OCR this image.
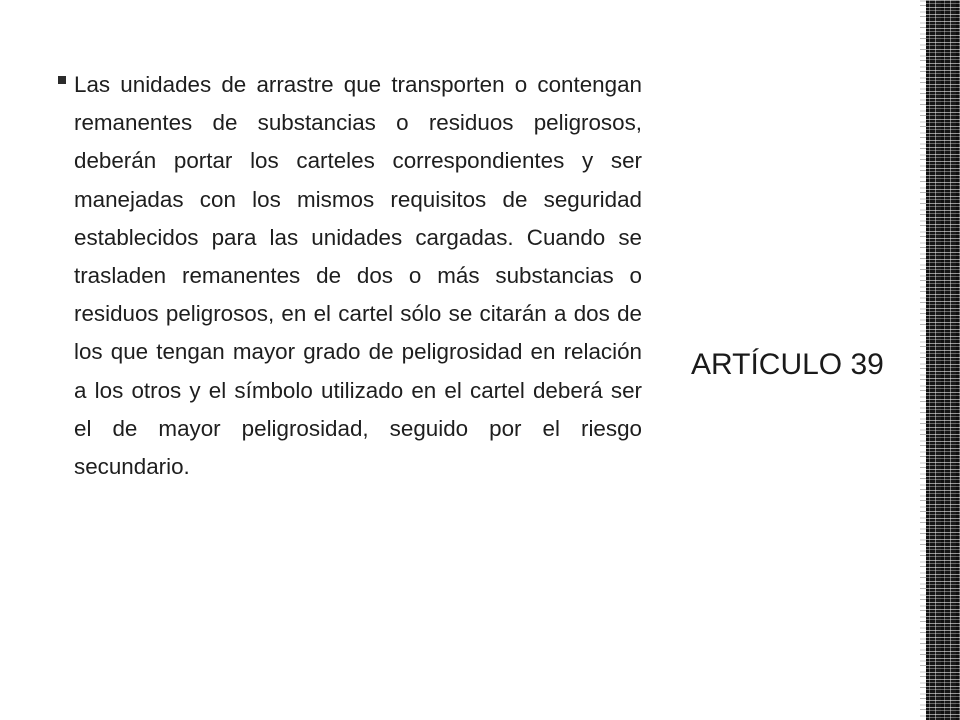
Las unidades de arrastre que transporten o contengan remanentes de substancias o residuos peligrosos, deberán portar los carteles correspondientes y ser manejadas con los mismos requisitos de seguridad establecidos para las unidades cargadas. Cuando se trasladen remanentes de dos o más substancias o residuos peligrosos, en el cartel sólo se citarán a dos de los que tengan mayor grado de peligrosidad en relación a los otros y el símbolo utilizado en el cartel deberá ser el de mayor peligrosidad, seguido por el riesgo secundario.

ARTÍCULO 39
